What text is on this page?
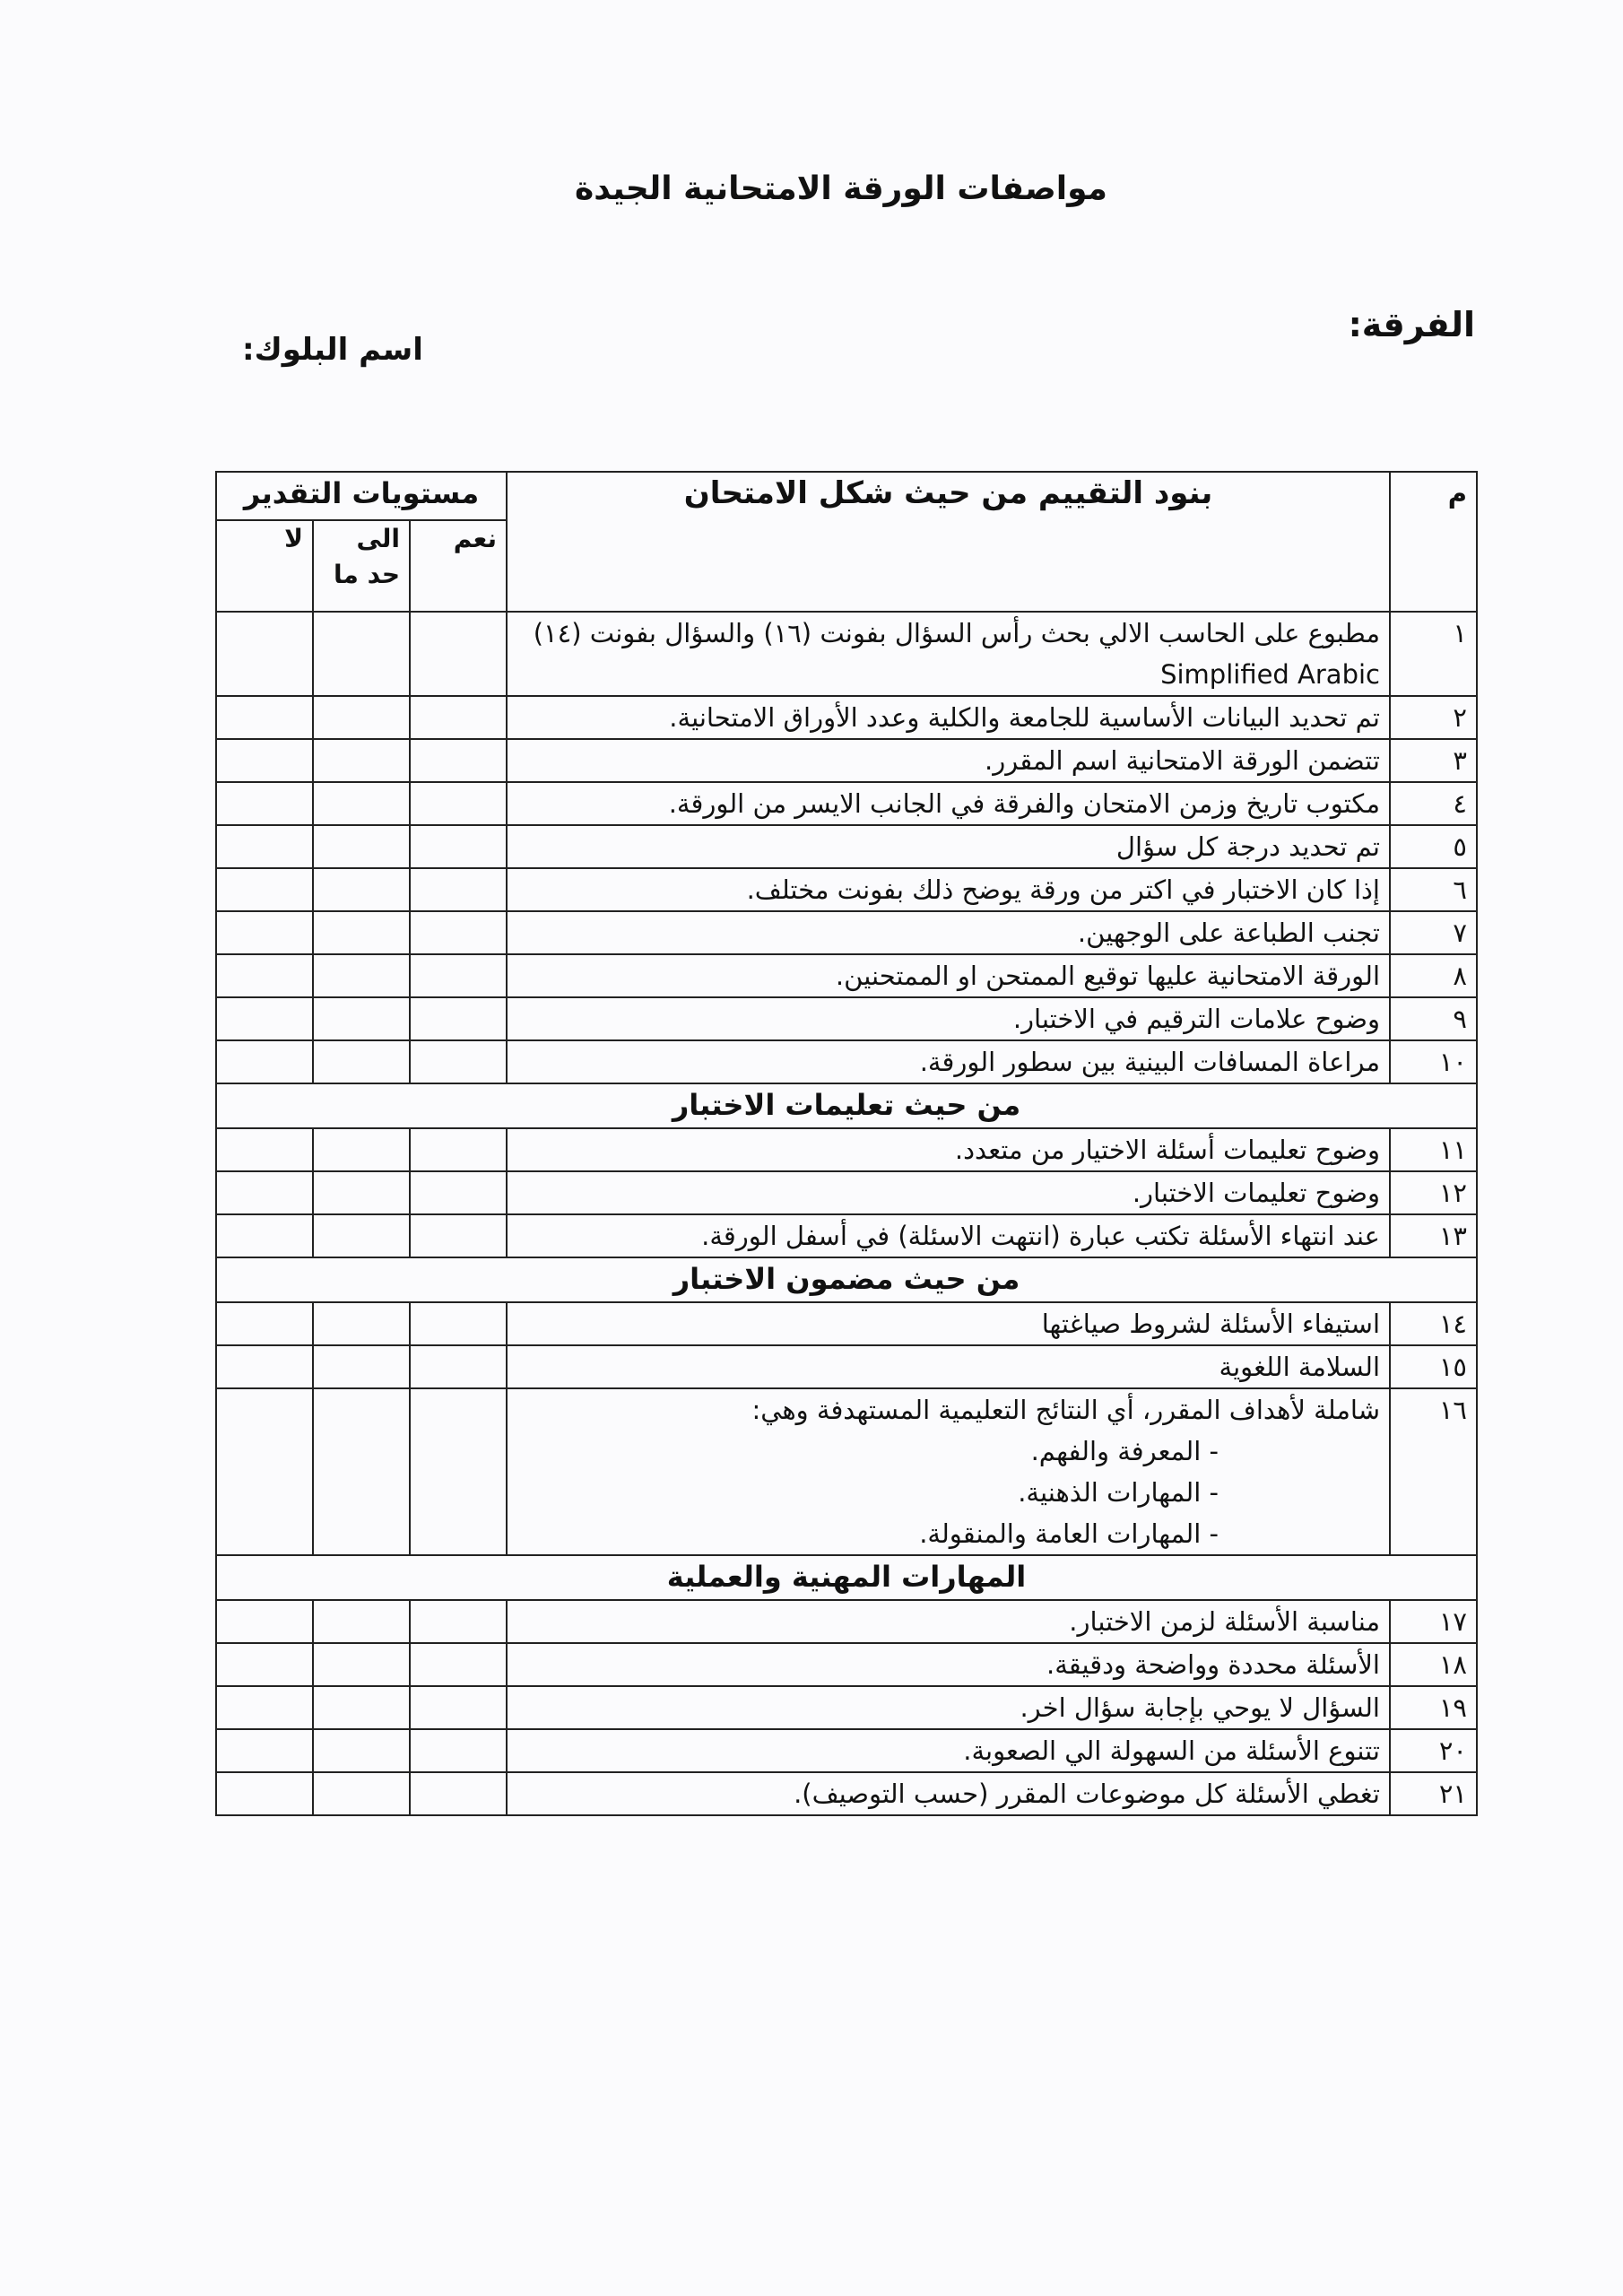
مواصفات الورقة الامتحانية الجيدة
الفرقة:
اسم البلوك:
م	بنود التقييم من حيث شكل الامتحان	مستويات التقدير		
		نعم	الى حد ما	لا
١	مطبوع على الحاسب الالي بحث رأس السؤال بفونت (١٦) والسؤال بفونت (١٤) Simplified Arabic			
٢	تم تحديد البيانات الأساسية للجامعة والكلية وعدد الأوراق الامتحانية.			
٣	تتضمن الورقة الامتحانية اسم المقرر.			
٤	مكتوب تاريخ وزمن الامتحان والفرقة في الجانب الايسر من الورقة.			
٥	تم تحديد درجة كل سؤال			
٦	إذا كان الاختبار في اكتر من ورقة يوضح ذلك بفونت مختلف.			
٧	تجنب الطباعة على الوجهين.			
٨	الورقة الامتحانية عليها توقيع الممتحن او الممتحنين.			
٩	وضوح علامات الترقيم في الاختبار.			
١٠	مراعاة المسافات البينية بين سطور الورقة.			
من حيث تعليمات الاختبار				
١١	وضوح تعليمات أسئلة الاختيار من متعدد.			
١٢	وضوح تعليمات الاختبار.			
١٣	عند انتهاء الأسئلة تكتب عبارة (انتهت الاسئلة) في أسفل الورقة.			
من حيث مضمون الاختبار				
١٤	استيفاء الأسئلة لشروط صياغتها			
١٥	السلامة اللغوية			
١٦	شاملة لأهداف المقرر، أي النتائج التعليمية المستهدفة وهي:
- المعرفة والفهم.
- المهارات الذهنية.
- المهارات العامة والمنقولة.			

المهارات المهنية والعملية				
١٧	مناسبة الأسئلة لزمن الاختبار.			
١٨	الأسئلة محددة وواضحة ودقيقة.			
١٩	السؤال لا يوحي بإجابة سؤال اخر.			
٢٠	تتنوع الأسئلة من السهولة الي الصعوبة.			
٢١	تغطي الأسئلة كل موضوعات المقرر (حسب التوصيف).			
